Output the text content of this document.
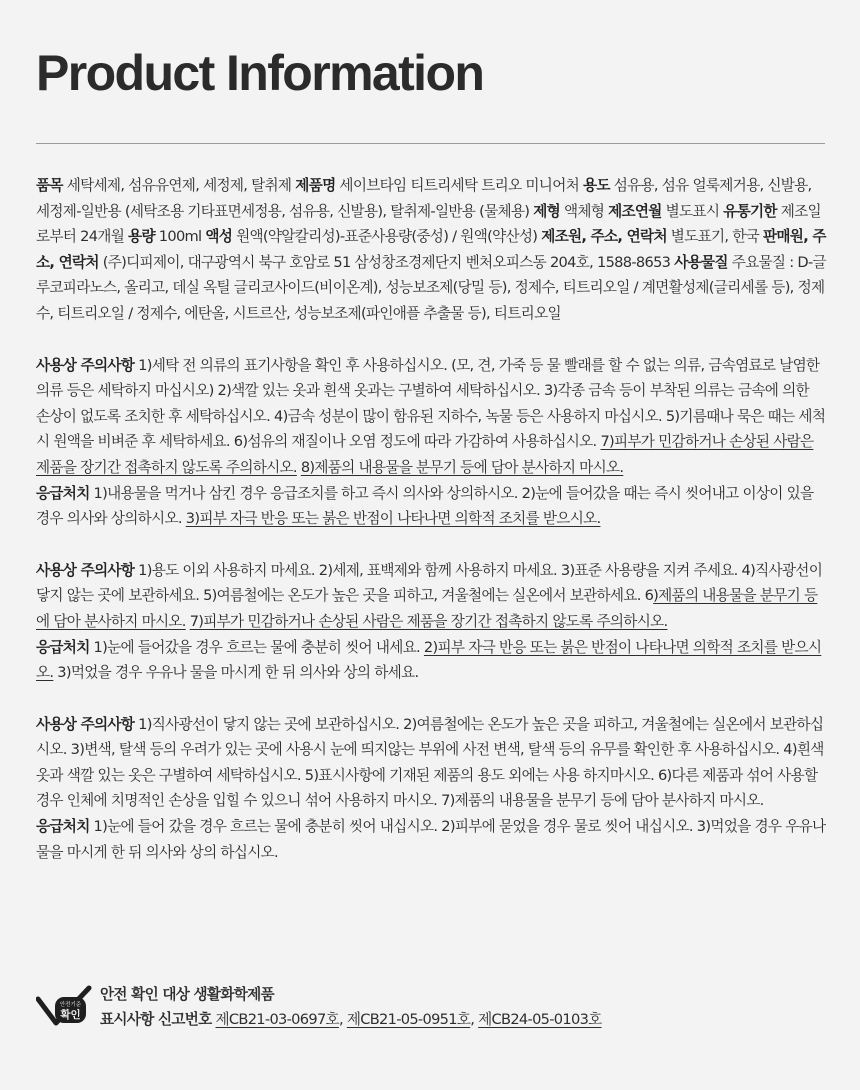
Product Information

품목 세탁세제, 섬유유연제, 세정제, 탈취제 제품명 세이브타임 티트리세탁 트리오 미니어처 용도 섬유용, 섬유 얼룩제거용, 신발용, 세정제-일반용 (세탁조용 기타표면세정용, 섬유용, 신발용), 탈취제-일반용 (물체용) 제형 액체형 제조연월 별도표시 유통기한 제조일로부터 24개월 용량 100ml 액성 원액(약알칼리성)-표준사용량(중성) / 원액(약산성) 제조원, 주소, 연락처 별도표기, 한국 판매원, 주소, 연락처 (주)디피제이, 대구광역시 북구 호암로 51 삼성창조경제단지 벤처오피스동 204호, 1588-8653 사용물질 주요물질 : D-글루코피라노스, 올리고, 데실 옥틸 글리코사이드(비이온계), 성능보조제(당밀 등), 정제수, 티트리오일 / 계면활성제(글리세롤 등), 정제수, 티트리오일 / 정제수, 에탄올, 시트르산, 성능보조제(파인애플 추출물 등), 티트리오일

사용상 주의사항 1)세탁 전 의류의 표기사항을 확인 후 사용하십시오. (모, 견, 가죽 등 물 빨래를 할 수 없는 의류, 금속염료로 날염한 의류 등은 세탁하지 마십시오) 2)색깔 있는 옷과 흰색 옷과는 구별하여 세탁하십시오. 3)각종 금속 등이 부착된 의류는 금속에 의한 손상이 없도록 조치한 후 세탁하십시오. 4)금속 성분이 많이 함유된 지하수, 녹물 등은 사용하지 마십시오. 5)기름때나 묵은 때는 세척 시 원액을 비벼준 후 세탁하세요. 6)섬유의 재질이나 오염 정도에 따라 가감하여 사용하십시오. 7)피부가 민감하거나 손상된 사람은 제품을 장기간 접촉하지 않도록 주의하시오. 8)제품의 내용물을 분무기 등에 담아 분사하지 마시오.

응급처치 1)내용물을 먹거나 삼킨 경우 응급조치를 하고 즉시 의사와 상의하시오. 2)눈에 들어갔을 때는 즉시 씻어내고 이상이 있을 경우 의사와 상의하시오. 3)피부 자극 반응 또는 붉은 반점이 나타나면 의학적 조치를 받으시오.

사용상 주의사항 1)용도 이외 사용하지 마세요. 2)세제, 표백제와 함께 사용하지 마세요. 3)표준 사용량을 지켜 주세요. 4)직사광선이 닿지 않는 곳에 보관하세요. 5)여름철에는 온도가 높은 곳을 피하고, 겨울철에는 실온에서 보관하세요. 6)제품의 내용물을 분무기 등에 담아 분사하지 마시오. 7)피부가 민감하거나 손상된 사람은 제품을 장기간 접촉하지 않도록 주의하시오.

응급처치 1)눈에 들어갔을 경우 흐르는 물에 충분히 씻어 내세요. 2)피부 자극 반응 또는 붉은 반점이 나타나면 의학적 조치를 받으시오. 3)먹었을 경우 우유나 물을 마시게 한 뒤 의사와 상의 하세요.

사용상 주의사항 1)직사광선이 닿지 않는 곳에 보관하십시오. 2)여름철에는 온도가 높은 곳을 피하고, 겨울철에는 실온에서 보관하십시오. 3)변색, 탈색 등의 우려가 있는 곳에 사용시 눈에 띄지않는 부위에 사전 변색, 탈색 등의 유무를 확인한 후 사용하십시오. 4)흰색옷과 색깔 있는 옷은 구별하여 세탁하십시오. 5)표시사항에 기재된 제품의 용도 외에는 사용 하지마시오. 6)다른 제품과 섞어 사용할 경우 인체에 치명적인 손상을 입힐 수 있으니 섞어 사용하지 마시오. 7)제품의 내용물을 분무기 등에 담아 분사하지 마시오.

응급처치 1)눈에 들어 갔을 경우 흐르는 물에 충분히 씻어 내십시오. 2)피부에 묻었을 경우 물로 씻어 내십시오. 3)먹었을 경우 우유나 물을 마시게 한 뒤 의사와 상의 하십시오.

안전기준
확인

안전 확인 대상 생활화학제품

표시사항 신고번호 제CB21-03-0697호, 제CB21-05-0951호, 제CB24-05-0103호
